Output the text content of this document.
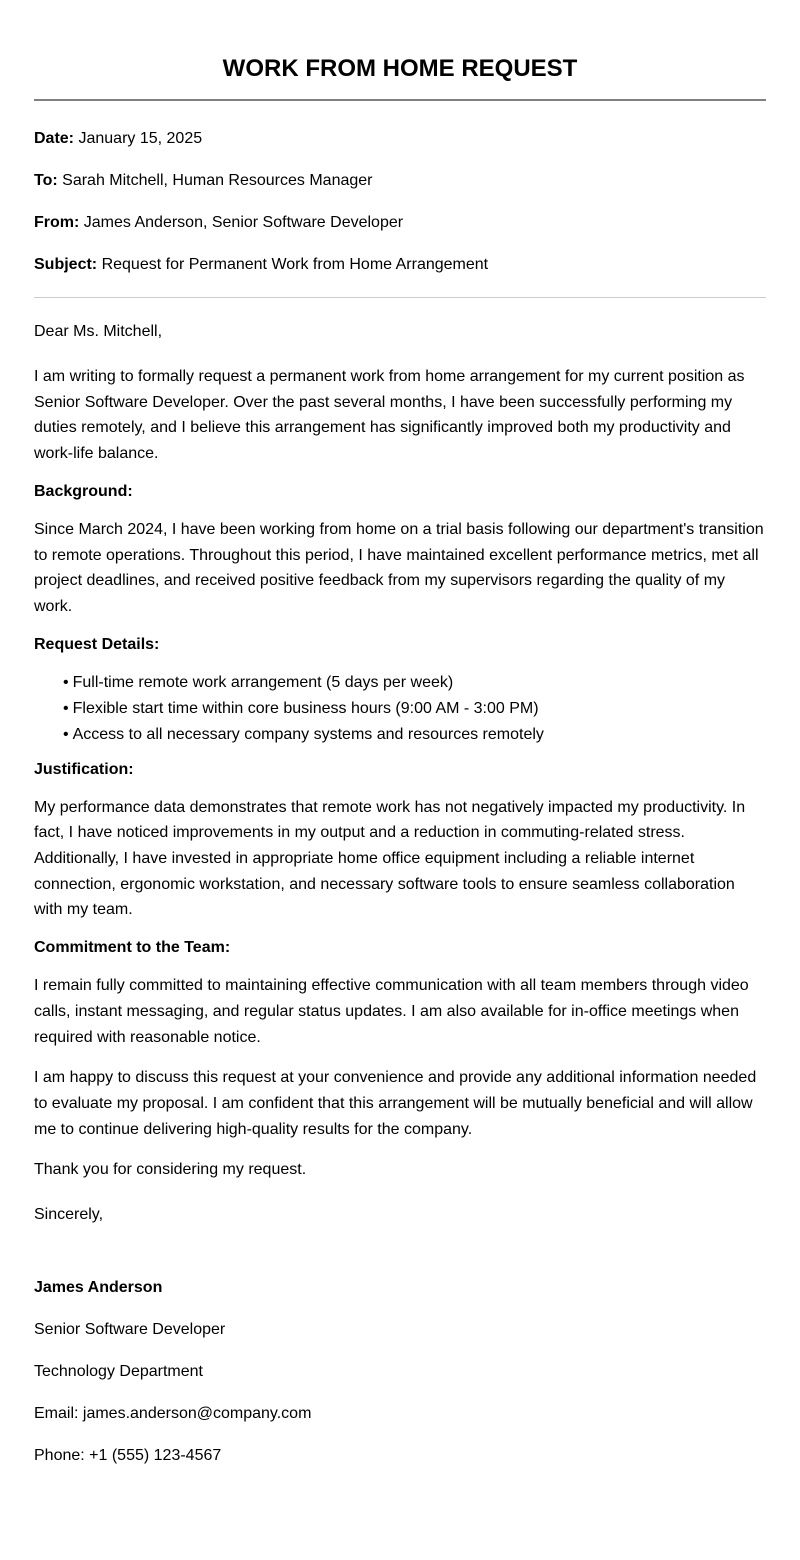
WORK FROM HOME REQUEST
Date: January 15, 2025
To: Sarah Mitchell, Human Resources Manager
From: James Anderson, Senior Software Developer
Subject: Request for Permanent Work from Home Arrangement

Dear Ms. Mitchell,

I am writing to formally request a permanent work from home arrangement for my current position as Senior Software Developer. Over the past several months, I have been successfully performing my duties remotely, and I believe this arrangement has significantly improved both my productivity and work-life balance.

Background:

Since March 2024, I have been working from home on a trial basis following our department's transition to remote operations. Throughout this period, I have maintained excellent performance metrics, met all project deadlines, and received positive feedback from my supervisors regarding the quality of my work.

Request Details:

• Full-time remote work arrangement (5 days per week)
• Flexible start time within core business hours (9:00 AM - 3:00 PM)
• Access to all necessary company systems and resources remotely

Justification:

My performance data demonstrates that remote work has not negatively impacted my productivity. In fact, I have noticed improvements in my output and a reduction in commuting-related stress. Additionally, I have invested in appropriate home office equipment including a reliable internet connection, ergonomic workstation, and necessary software tools to ensure seamless collaboration with my team.

Commitment to the Team:

I remain fully committed to maintaining effective communication with all team members through video calls, instant messaging, and regular status updates. I am also available for in-office meetings when required with reasonable notice.

I am happy to discuss this request at your convenience and provide any additional information needed to evaluate my proposal. I am confident that this arrangement will be mutually beneficial and will allow me to continue delivering high-quality results for the company.

Thank you for considering my request.

Sincerely,

James Anderson
Senior Software Developer
Technology Department
Email: james.anderson@company.com
Phone: +1 (555) 123-4567
